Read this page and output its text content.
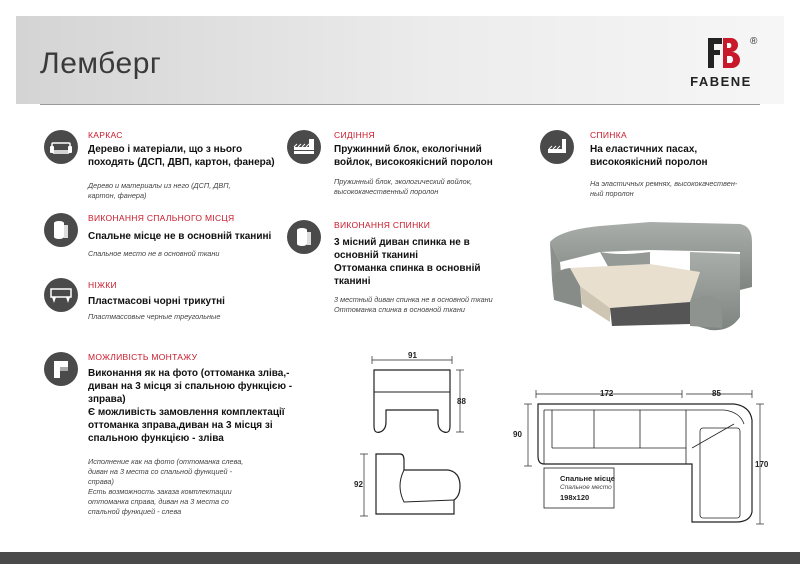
Лемберг
®
FABENE
КАРКАС
Дерево і матеріали, що з нього
походять (ДСП, ДВП, картон, фанера)
Дерево и материалы из него (ДСП, ДВП,
картон, фанера)
ВИКОНАННЯ СПАЛЬНОГО МІСЦЯ
Спальне місце не в основній тканині
Спальное место не в основной ткани
НІЖКИ
Пластмасові чорні трикутні
Пластмассовые черные треугольные
МОЖЛИВІСТЬ МОНТАЖУ
Виконання як на фото (оттоманка зліва,-
диван на 3 місця зі спальною функцією -
зправа)
Є можливість замовлення комплектації
оттоманка зправа,диван на 3 місця зі
спальною функцією - зліва
Исполнение как на фото (оттоманка слева,
диван на 3 места со спальной функцией -
справа)
Есть возможность заказа комплектации
оттоманка справа, диван на 3 места со
спальной функцией - слева
СИДІННЯ
Пружинний блок, екологічний
войлок, високоякісний поролон
Пружинный блок, экологический войлок,
высококачественный поролон
ВИКОНАННЯ СПИНКИ
3 місний диван спинка не в
основній тканині
Оттоманка спинка в основній
тканині
3 местный диван спинка не в основной ткани
Оттоманка спинка в основной ткани
СПИНКА
На еластичних пасах,
високоякісний поролон
На эластичных ремнях, высококачествен-
ный поролон
91
88
92
172	85
90
170
Спальне місце
Спальное место
198x120
